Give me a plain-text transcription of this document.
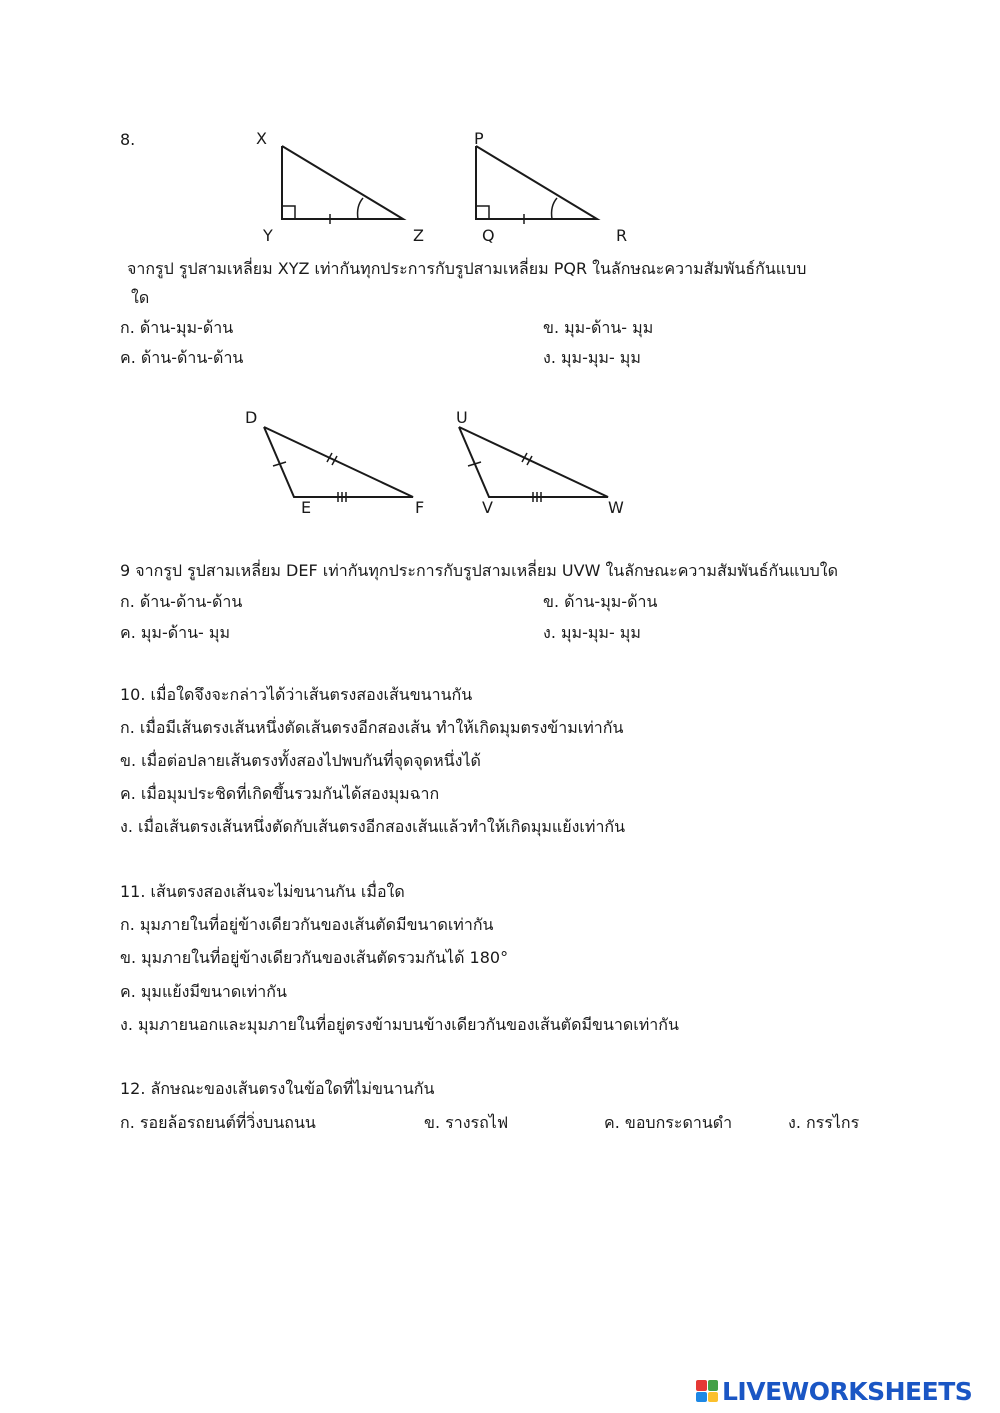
8.	X
Y	Z
P
Q	R
D
E	F
U
V	W
จากรูป รูปสามเหลี่ยม XYZ เท่ากันทุกประการกับรูปสามเหลี่ยม PQR ในลักษณะความสัมพันธ์กันแบบ
ใด
ก. ด้าน-มุม-ด้าน	ข. มุม-ด้าน- มุม
ค. ด้าน-ด้าน-ด้าน	ง. มุม-มุม- มุม
9 จากรูป รูปสามเหลี่ยม DEF เท่ากันทุกประการกับรูปสามเหลี่ยม UVW ในลักษณะความสัมพันธ์กันแบบใด
ก. ด้าน-ด้าน-ด้าน	ข. ด้าน-มุม-ด้าน
ค. มุม-ด้าน- มุม	ง. มุม-มุม- มุม
10. เมื่อใดจึงจะกล่าวได้ว่าเส้นตรงสองเส้นขนานกัน
ก. เมื่อมีเส้นตรงเส้นหนึ่งตัดเส้นตรงอีกสองเส้น ทำให้เกิดมุมตรงข้ามเท่ากัน
ข. เมื่อต่อปลายเส้นตรงทั้งสองไปพบกันที่จุดจุดหนึ่งได้
ค. เมื่อมุมประชิดที่เกิดขึ้นรวมกันได้สองมุมฉาก
ง. เมื่อเส้นตรงเส้นหนึ่งตัดกับเส้นตรงอีกสองเส้นแล้วทำให้เกิดมุมแย้งเท่ากัน
11. เส้นตรงสองเส้นจะไม่ขนานกัน เมื่อใด
ก. มุมภายในที่อยู่ข้างเดียวกันของเส้นตัดมีขนาดเท่ากัน
ข. มุมภายในที่อยู่ข้างเดียวกันของเส้นตัดรวมกันได้ 180°
ค. มุมแย้งมีขนาดเท่ากัน
ง. มุมภายนอกและมุมภายในที่อยู่ตรงข้ามบนข้างเดียวกันของเส้นตัดมีขนาดเท่ากัน
12. ลักษณะของเส้นตรงในข้อใดที่ไม่ขนานกัน
ก. รอยล้อรถยนต์ที่วิ่งบนถนน	ข. รางรถไฟ	ค. ขอบกระดานดำ	ง. กรรไกร
LIVEWORKSHEETS
